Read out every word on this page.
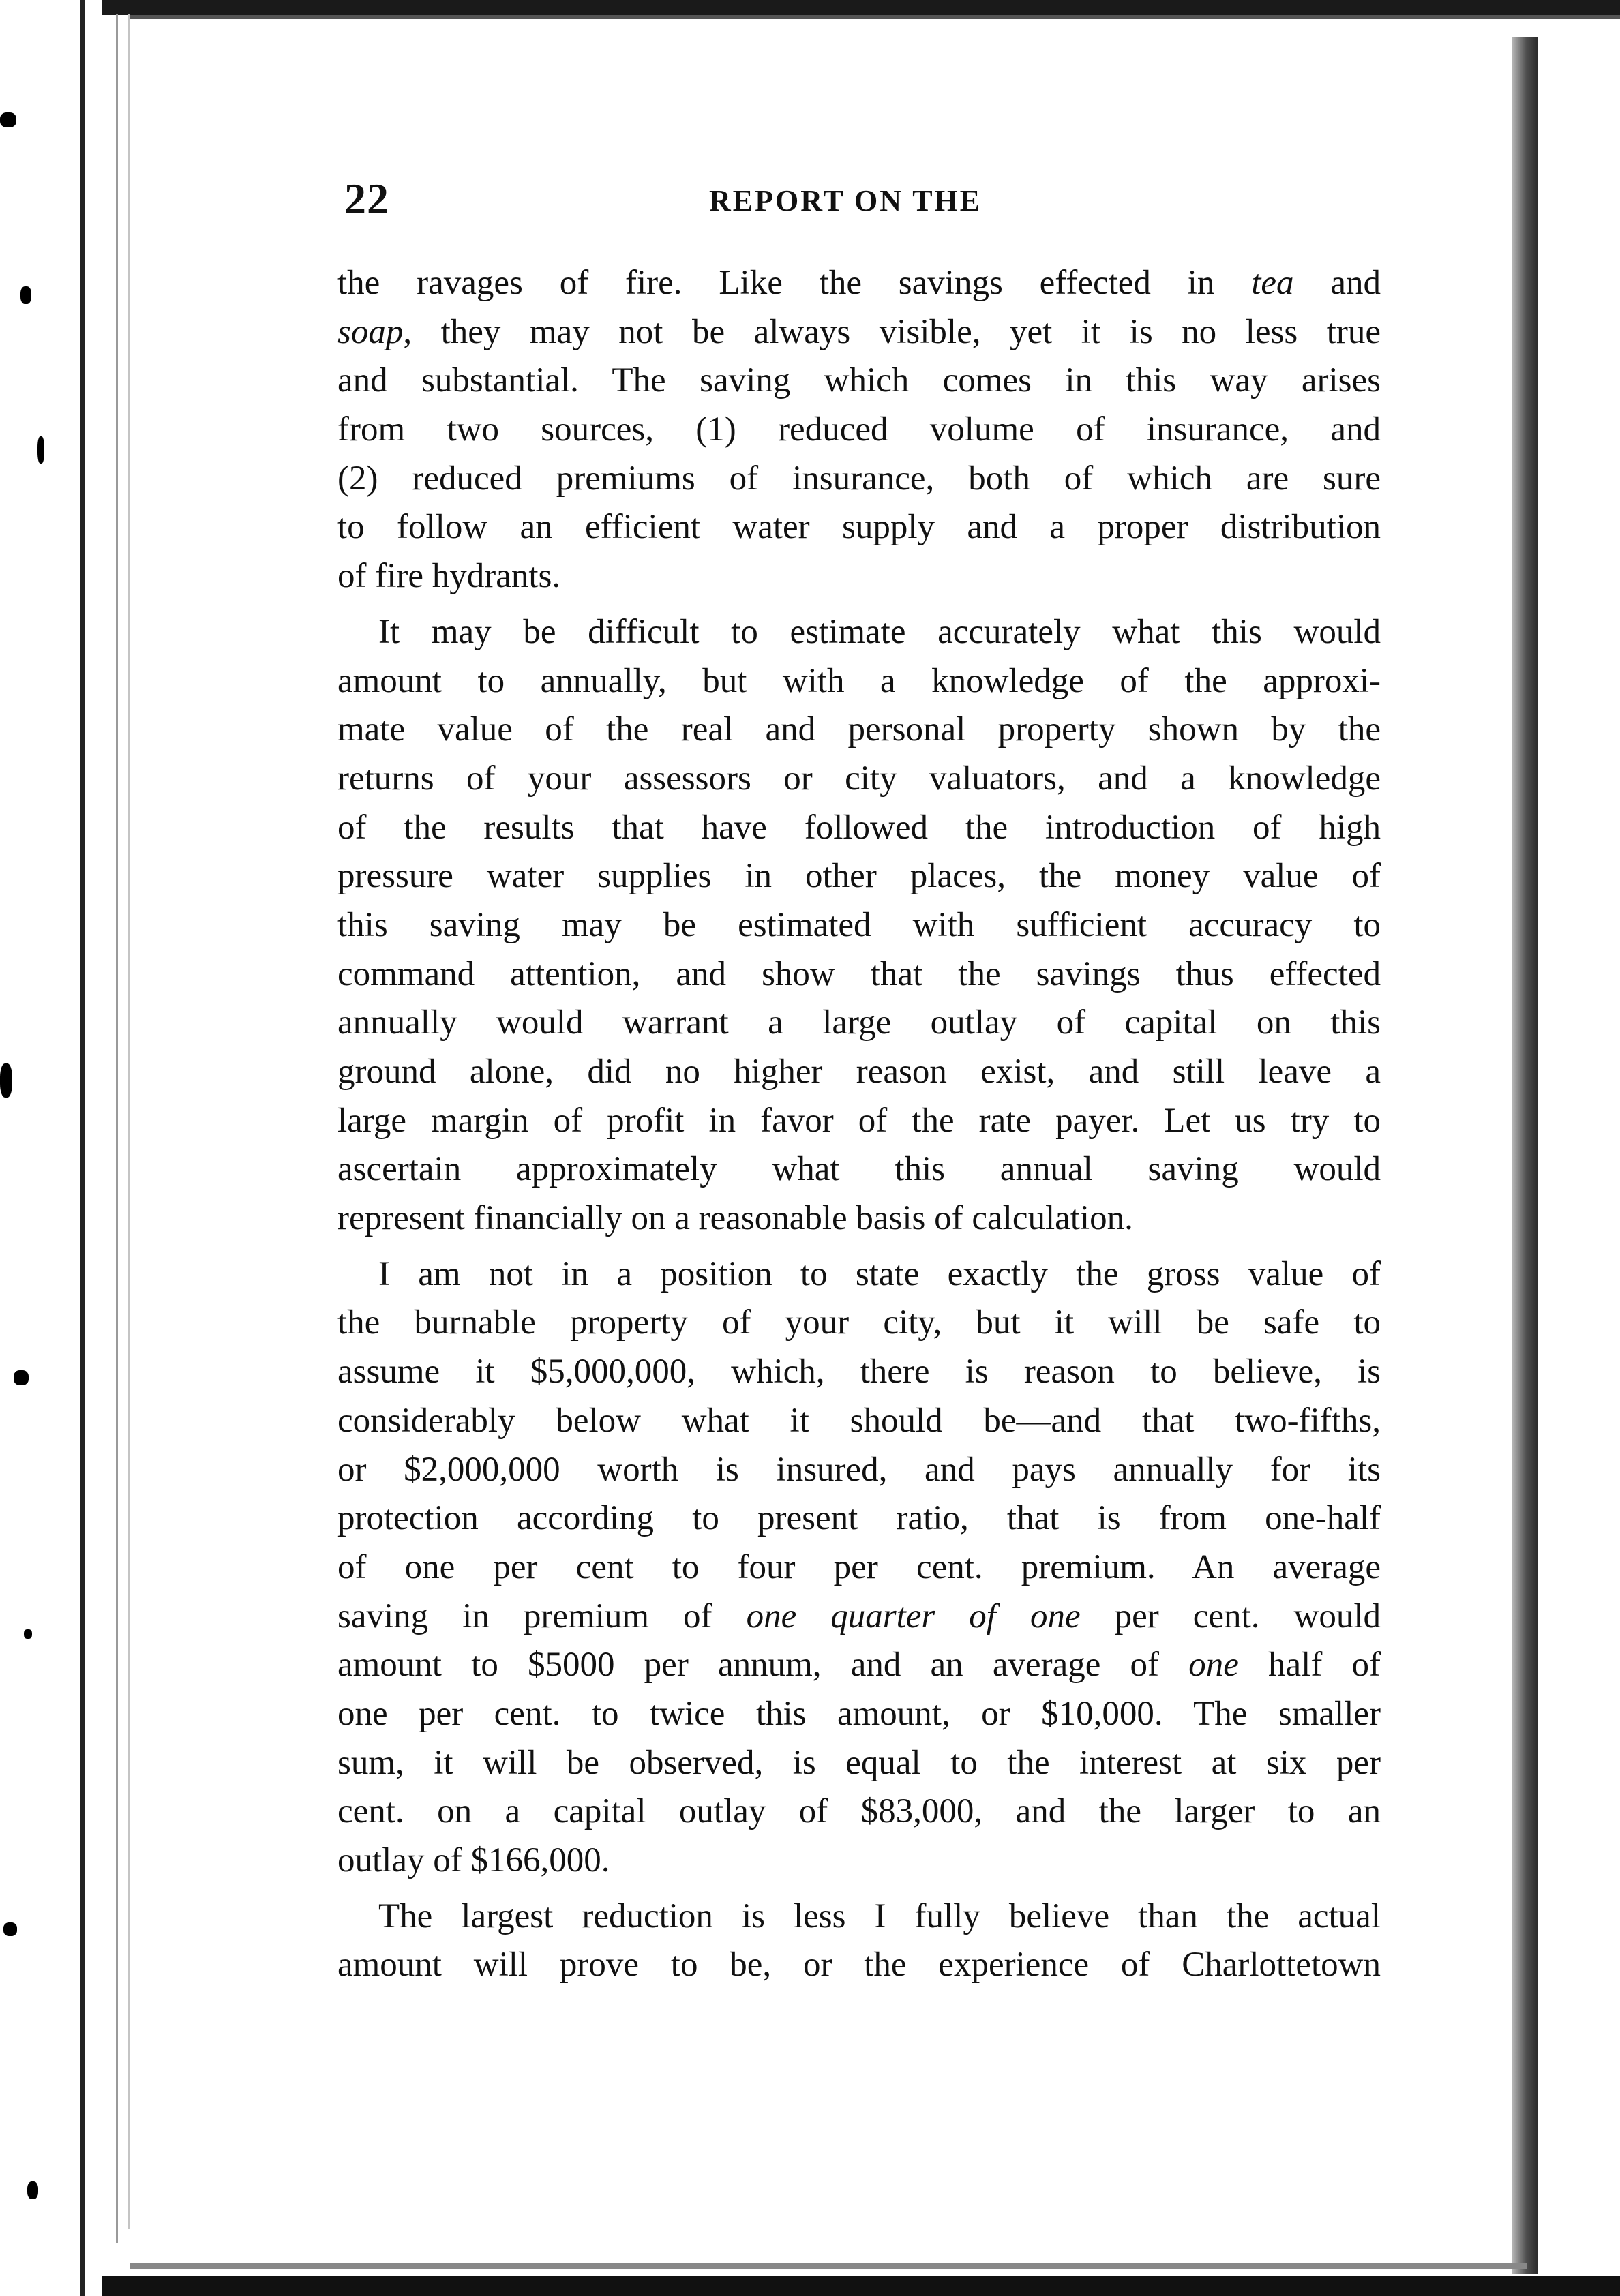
22	REPORT ON THE
the ravages of fire. Like the savings effected in tea and
soap, they may not be always visible, yet it is no less true
and substantial. The saving which comes in this way arises
from two sources, (1) reduced volume of insurance, and
(2) reduced premiums of insurance, both of which are sure
to follow an efficient water supply and a proper distribution
of fire hydrants.
It may be difficult to estimate accurately what this would
amount to annually, but with a knowledge of the approxi-
mate value of the real and personal property shown by the
returns of your assessors or city valuators, and a knowledge
of the results that have followed the introduction of high
pressure water supplies in other places, the money value of
this saving may be estimated with sufficient accuracy to
command attention, and show that the savings thus effected
annually would warrant a large outlay of capital on this
ground alone, did no higher reason exist, and still leave a
large margin of profit in favor of the rate payer. Let us try to
ascertain approximately what this annual saving would
represent financially on a reasonable basis of calculation.
I am not in a position to state exactly the gross value of
the burnable property of your city, but it will be safe to
assume it $5,000,000, which, there is reason to believe, is
considerably below what it should be—and that two-fifths,
or $2,000,000 worth is insured, and pays annually for its
protection according to present ratio, that is from one-half
of one per cent to four per cent. premium. An average
saving in premium of one quarter of one per cent. would
amount to $5000 per annum, and an average of one half of
one per cent. to twice this amount, or $10,000. The smaller
sum, it will be observed, is equal to the interest at six per
cent. on a capital outlay of $83,000, and the larger to an
outlay of $166,000.
The largest reduction is less I fully believe than the actual
amount will prove to be, or the experience of Charlottetown
